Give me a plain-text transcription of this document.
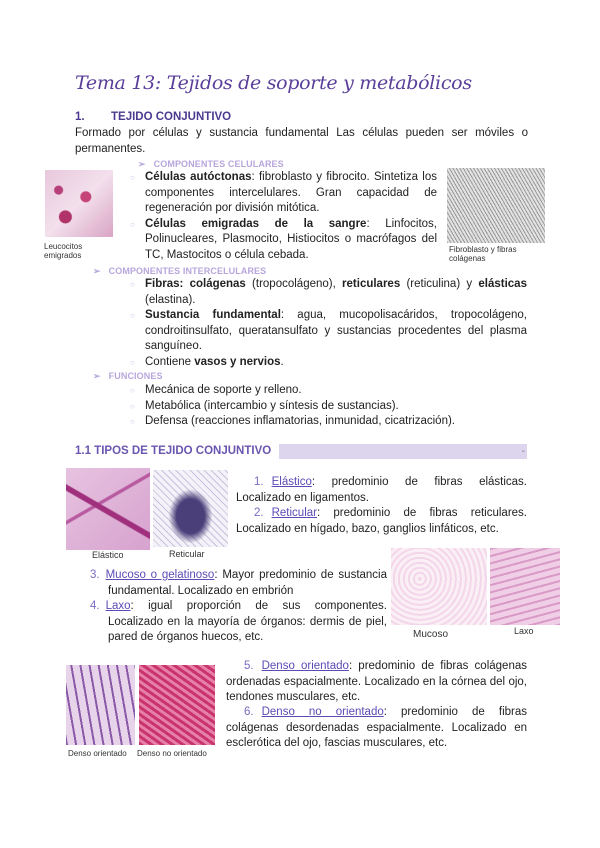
Tema 13: Tejidos de soporte y metabólicos
1. TEJIDO CONJUNTIVO
Formado por células y sustancia fundamental Las células pueden ser móviles o permanentes.
➢ COMPONENTES CELULARES
Leucocitos emigrados
Fibroblasto y fibras colágenas
○ Células autóctonas: fibroblasto y fibrocito. Sintetiza los componentes intercelulares. Gran capacidad de regeneración por división mitótica.
○ Células emigradas de la sangre: Linfocitos, Polinucleares, Plasmocito, Histiocitos o macrófagos del TC, Mastocitos o célula cebada.
➢ COMPONENTES INTERCELULARES
○ Fibras: colágenas (tropocolágeno), reticulares (reticulina) y elásticas (elastina).
○ Sustancia fundamental: agua, mucopolisacáridos, tropocolágeno, condroitinsulfato, queratansulfato y sustancias procedentes del plasma sanguíneo.
○ Contiene vasos y nervios.
➢ FUNCIONES
○ Mecánica de soporte y relleno.
○ Metabólica (intercambio y síntesis de sustancias).
○ Defensa (reacciones inflamatorias, inmunidad, cicatrización).
1.1 TIPOS DE TEJIDO CONJUNTIVO	-
Elástico	Reticular
1. Elástico: predominio de fibras elásticas. Localizado en ligamentos.
2. Reticular: predominio de fibras reticulares. Localizado en hígado, bazo, ganglios linfáticos, etc.
Mucoso	Laxo
3. Mucoso o gelatinoso: Mayor predominio de sustancia fundamental. Localizado en embrión
4. Laxo: igual proporción de sus componentes. Localizado en la mayoría de órganos: dermis de piel, pared de órganos huecos, etc.
Denso orientado Denso no orientado
5. Denso orientado: predominio de fibras colágenas ordenadas espacialmente. Localizado en la córnea del ojo, tendones musculares, etc.
6. Denso no orientado: predominio de fibras colágenas desordenadas espacialmente. Localizado en esclerótica del ojo, fascias musculares, etc.
